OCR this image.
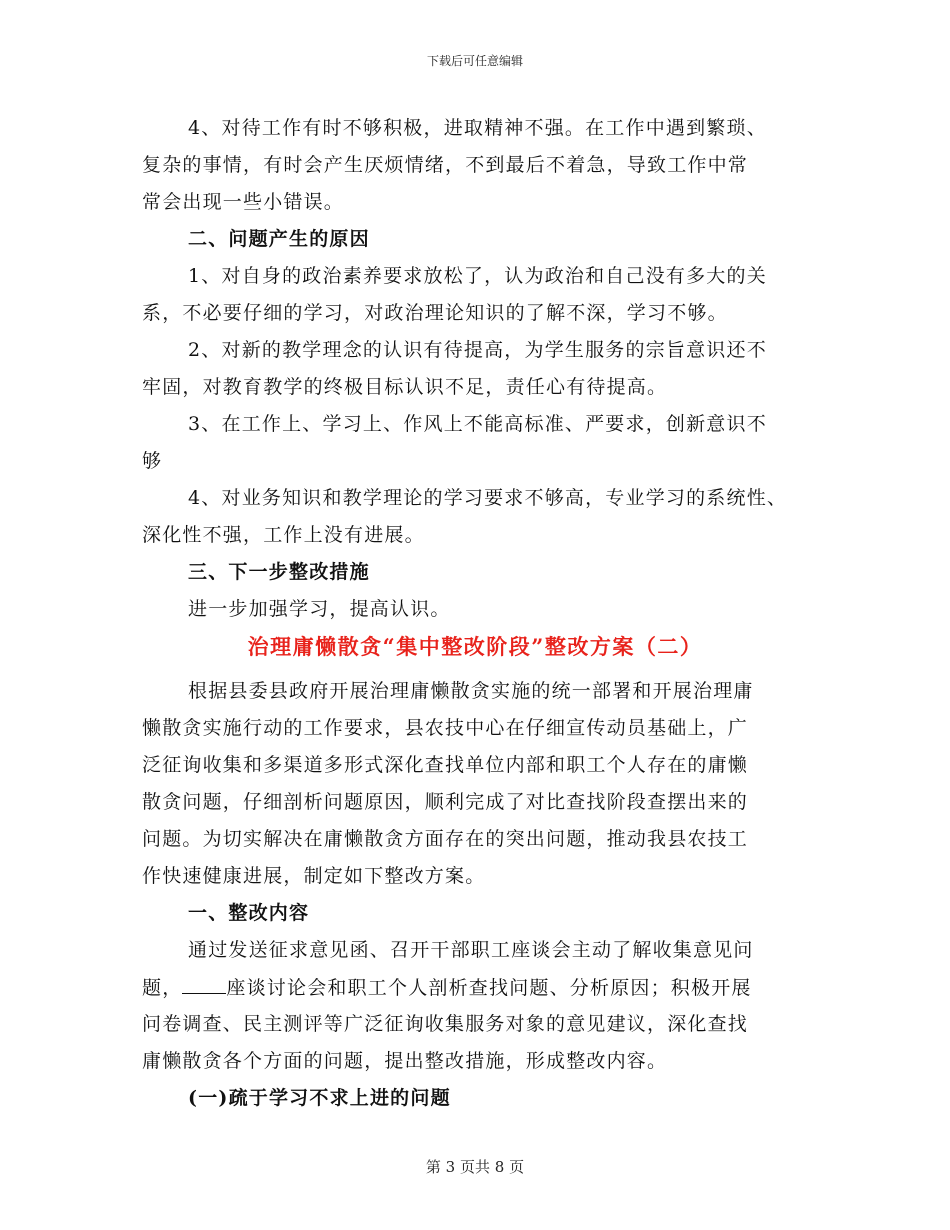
下载后可任意编辑
4、对待工作有时不够积极，进取精神不强。在工作中遇到繁琐、
复杂的事情，有时会产生厌烦情绪，不到最后不着急，导致工作中常
常会出现一些小错误。
二、问题产生的原因
1、对自身的政治素养要求放松了，认为政治和自己没有多大的关
系，不必要仔细的学习，对政治理论知识的了解不深，学习不够。
2、对新的教学理念的认识有待提高，为学生服务的宗旨意识还不
牢固，对教育教学的终极目标认识不足，责任心有待提高。
3、在工作上、学习上、作风上不能高标准、严要求，创新意识不
够
4、对业务知识和教学理论的学习要求不够高，专业学习的系统性、
深化性不强，工作上没有进展。
三、下一步整改措施
进一步加强学习，提高认识。
治理庸懒散贪“集中整改阶段”整改方案（二）
根据县委县政府开展治理庸懒散贪实施的统一部署和开展治理庸
懒散贪实施行动的工作要求，县农技中心在仔细宣传动员基础上，广
泛征询收集和多渠道多形式深化查找单位内部和职工个人存在的庸懒
散贪问题，仔细剖析问题原因，顺利完成了对比查找阶段查摆出来的
问题。为切实解决在庸懒散贪方面存在的突出问题，推动我县农技工
作快速健康进展，制定如下整改方案。
一、整改内容
通过发送征求意见函、召开干部职工座谈会主动了解收集意见问
题， 座谈讨论会和职工个人剖析查找问题、分析原因；积极开展
问卷调查、民主测评等广泛征询收集服务对象的意见建议，深化查找
庸懒散贪各个方面的问题，提出整改措施，形成整改内容。
(一)疏于学习不求上进的问题
第 3 页共 8 页
